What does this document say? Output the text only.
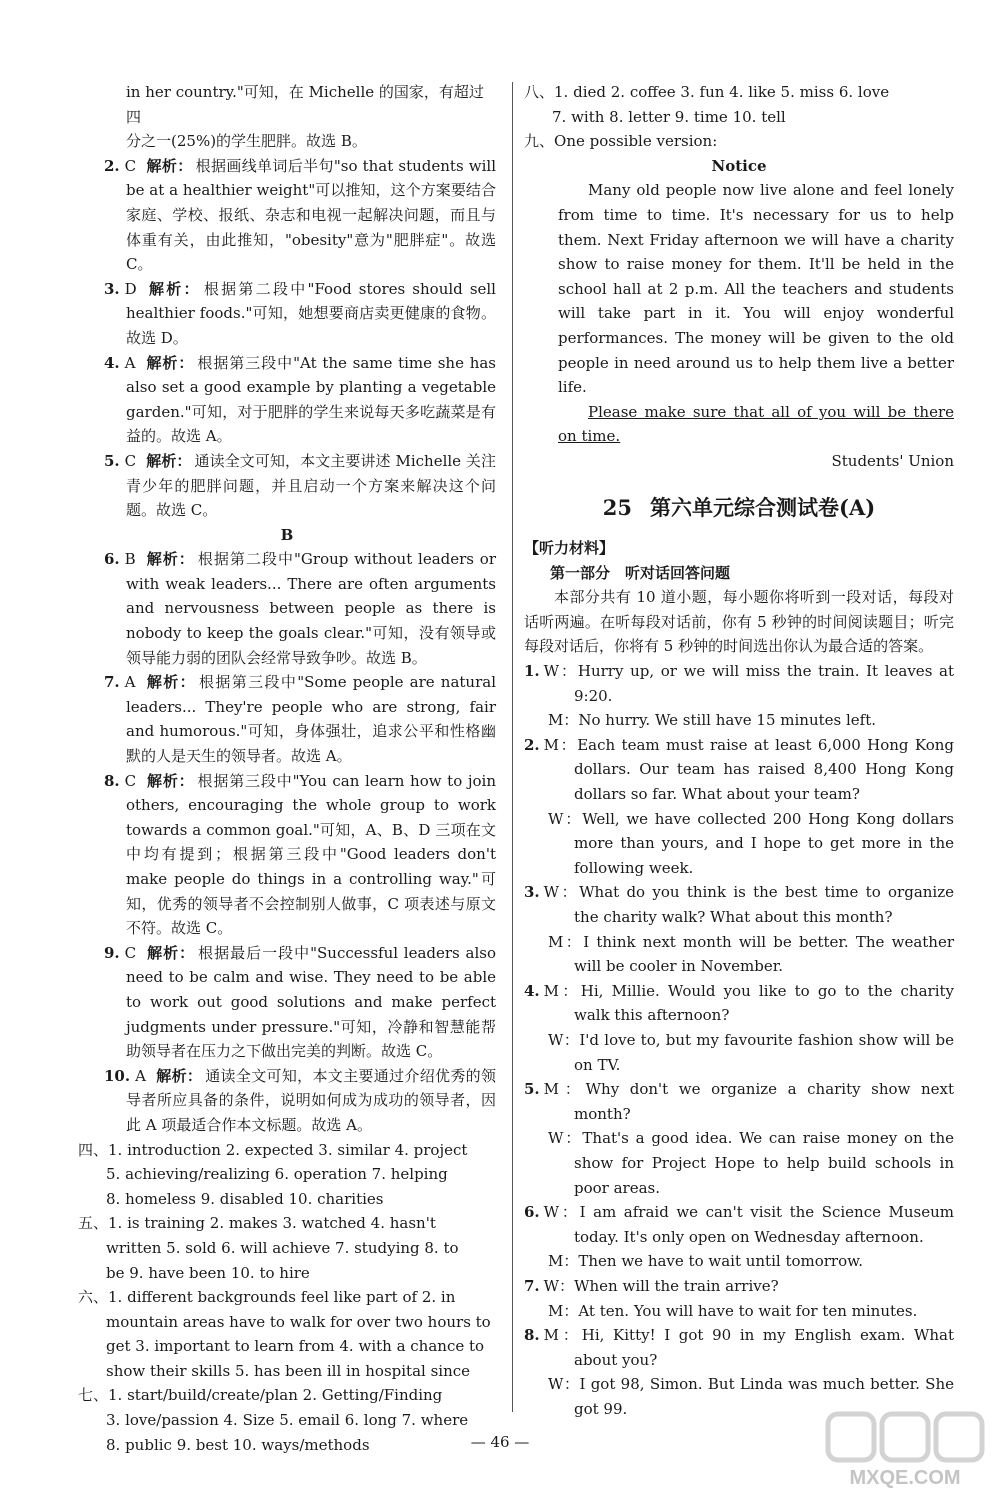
in her country."可知，在 Michelle 的国家，有超过四

分之一(25%)的学生肥胖。故选 B。

2. C 解析： 根据画线单词后半句"so that students will be at a healthier weight"可以推知，这个方案要结合家庭、学校、报纸、杂志和电视一起解决问题，而且与体重有关，由此推知，"obesity"意为"肥胖症"。故选 C。

3. D 解析： 根据第二段中"Food stores should sell healthier foods."可知，她想要商店卖更健康的食物。故选 D。

4. A 解析： 根据第三段中"At the same time she has also set a good example by planting a vegetable garden."可知，对于肥胖的学生来说每天多吃蔬菜是有益的。故选 A。

5. C 解析： 通读全文可知，本文主要讲述 Michelle 关注青少年的肥胖问题，并且启动一个方案来解决这个问题。故选 C。

B

6. B 解析： 根据第二段中"Group without leaders or with weak leaders... There are often arguments and nervousness between people as there is nobody to keep the goals clear."可知，没有领导或领导能力弱的团队会经常导致争吵。故选 B。

7. A 解析： 根据第三段中"Some people are natural leaders... They're people who are strong, fair and humorous."可知，身体强壮，追求公平和性格幽默的人是天生的领导者。故选 A。

8. C 解析： 根据第三段中"You can learn how to join others, encouraging the whole group to work towards a common goal."可知，A、B、D 三项在文中均有提到；根据第三段中"Good leaders don't make people do things in a controlling way."可知，优秀的领导者不会控制别人做事，C 项表述与原文不符。故选 C。

9. C 解析： 根据最后一段中"Successful leaders also need to be calm and wise. They need to be able to work out good solutions and make perfect judgments under pressure."可知，冷静和智慧能帮助领导者在压力之下做出完美的判断。故选 C。

10. A 解析： 通读全文可知，本文主要通过介绍优秀的领导者所应具备的条件，说明如何成为成功的领导者，因此 A 项最适合作本文标题。故选 A。

四、1. introduction 2. expected 3. similar 4. project

5. achieving/realizing 6. operation 7. helping

8. homeless 9. disabled 10. charities

五、1. is training 2. makes 3. watched 4. hasn't

written 5. sold 6. will achieve 7. studying 8. to

be 9. have been 10. to hire

六、1. different backgrounds feel like part of 2. in

mountain areas have to walk for over two hours to

get 3. important to learn from 4. with a chance to

show their skills 5. has been ill in hospital since

七、1. start/build/create/plan 2. Getting/Finding

3. love/passion 4. Size 5. email 6. long 7. where

8. public 9. best 10. ways/methods

八、1. died 2. coffee 3. fun 4. like 5. miss 6. love

7. with 8. letter 9. time 10. tell

九、One possible version:

Notice

Many old people now live alone and feel lonely from time to time. It's necessary for us to help them. Next Friday afternoon we will have a charity show to raise money for them. It'll be held in the school hall at 2 p.m. All the teachers and students will take part in it. You will enjoy wonderful performances. The money will be given to the old people in need around us to help them live a better life.

Please make sure that all of you will be there on time.

Students' Union

25 第六单元综合测试卷(A)

【听力材料】

第一部分　听对话回答问题

本部分共有 10 道小题，每小题你将听到一段对话，每段对话听两遍。在听每段对话前，你有 5 秒钟的时间阅读题目；听完每段对话后，你将有 5 秒钟的时间选出你认为最合适的答案。

1. W：Hurry up, or we will miss the train. It leaves at 9:20.

M：No hurry. We still have 15 minutes left.

2. M：Each team must raise at least 6,000 Hong Kong dollars. Our team has raised 8,400 Hong Kong dollars so far. What about your team?

W：Well, we have collected 200 Hong Kong dollars more than yours, and I hope to get more in the following week.

3. W：What do you think is the best time to organize the charity walk? What about this month?

M：I think next month will be better. The weather will be cooler in November.

4. M：Hi, Millie. Would you like to go to the charity walk this afternoon?

W：I'd love to, but my favourite fashion show will be on TV.

5. M：Why don't we organize a charity show next month?

W：That's a good idea. We can raise money on the show for Project Hope to help build schools in poor areas.

6. W：I am afraid we can't visit the Science Museum today. It's only open on Wednesday afternoon.

M：Then we have to wait until tomorrow.

7. W：When will the train arrive?

M：At ten. You will have to wait for ten minutes.

8. M：Hi, Kitty! I got 90 in my English exam. What about you?

W：I got 98, Simon. But Linda was much better. She got 99.

— 46 —
MXQE.COM
